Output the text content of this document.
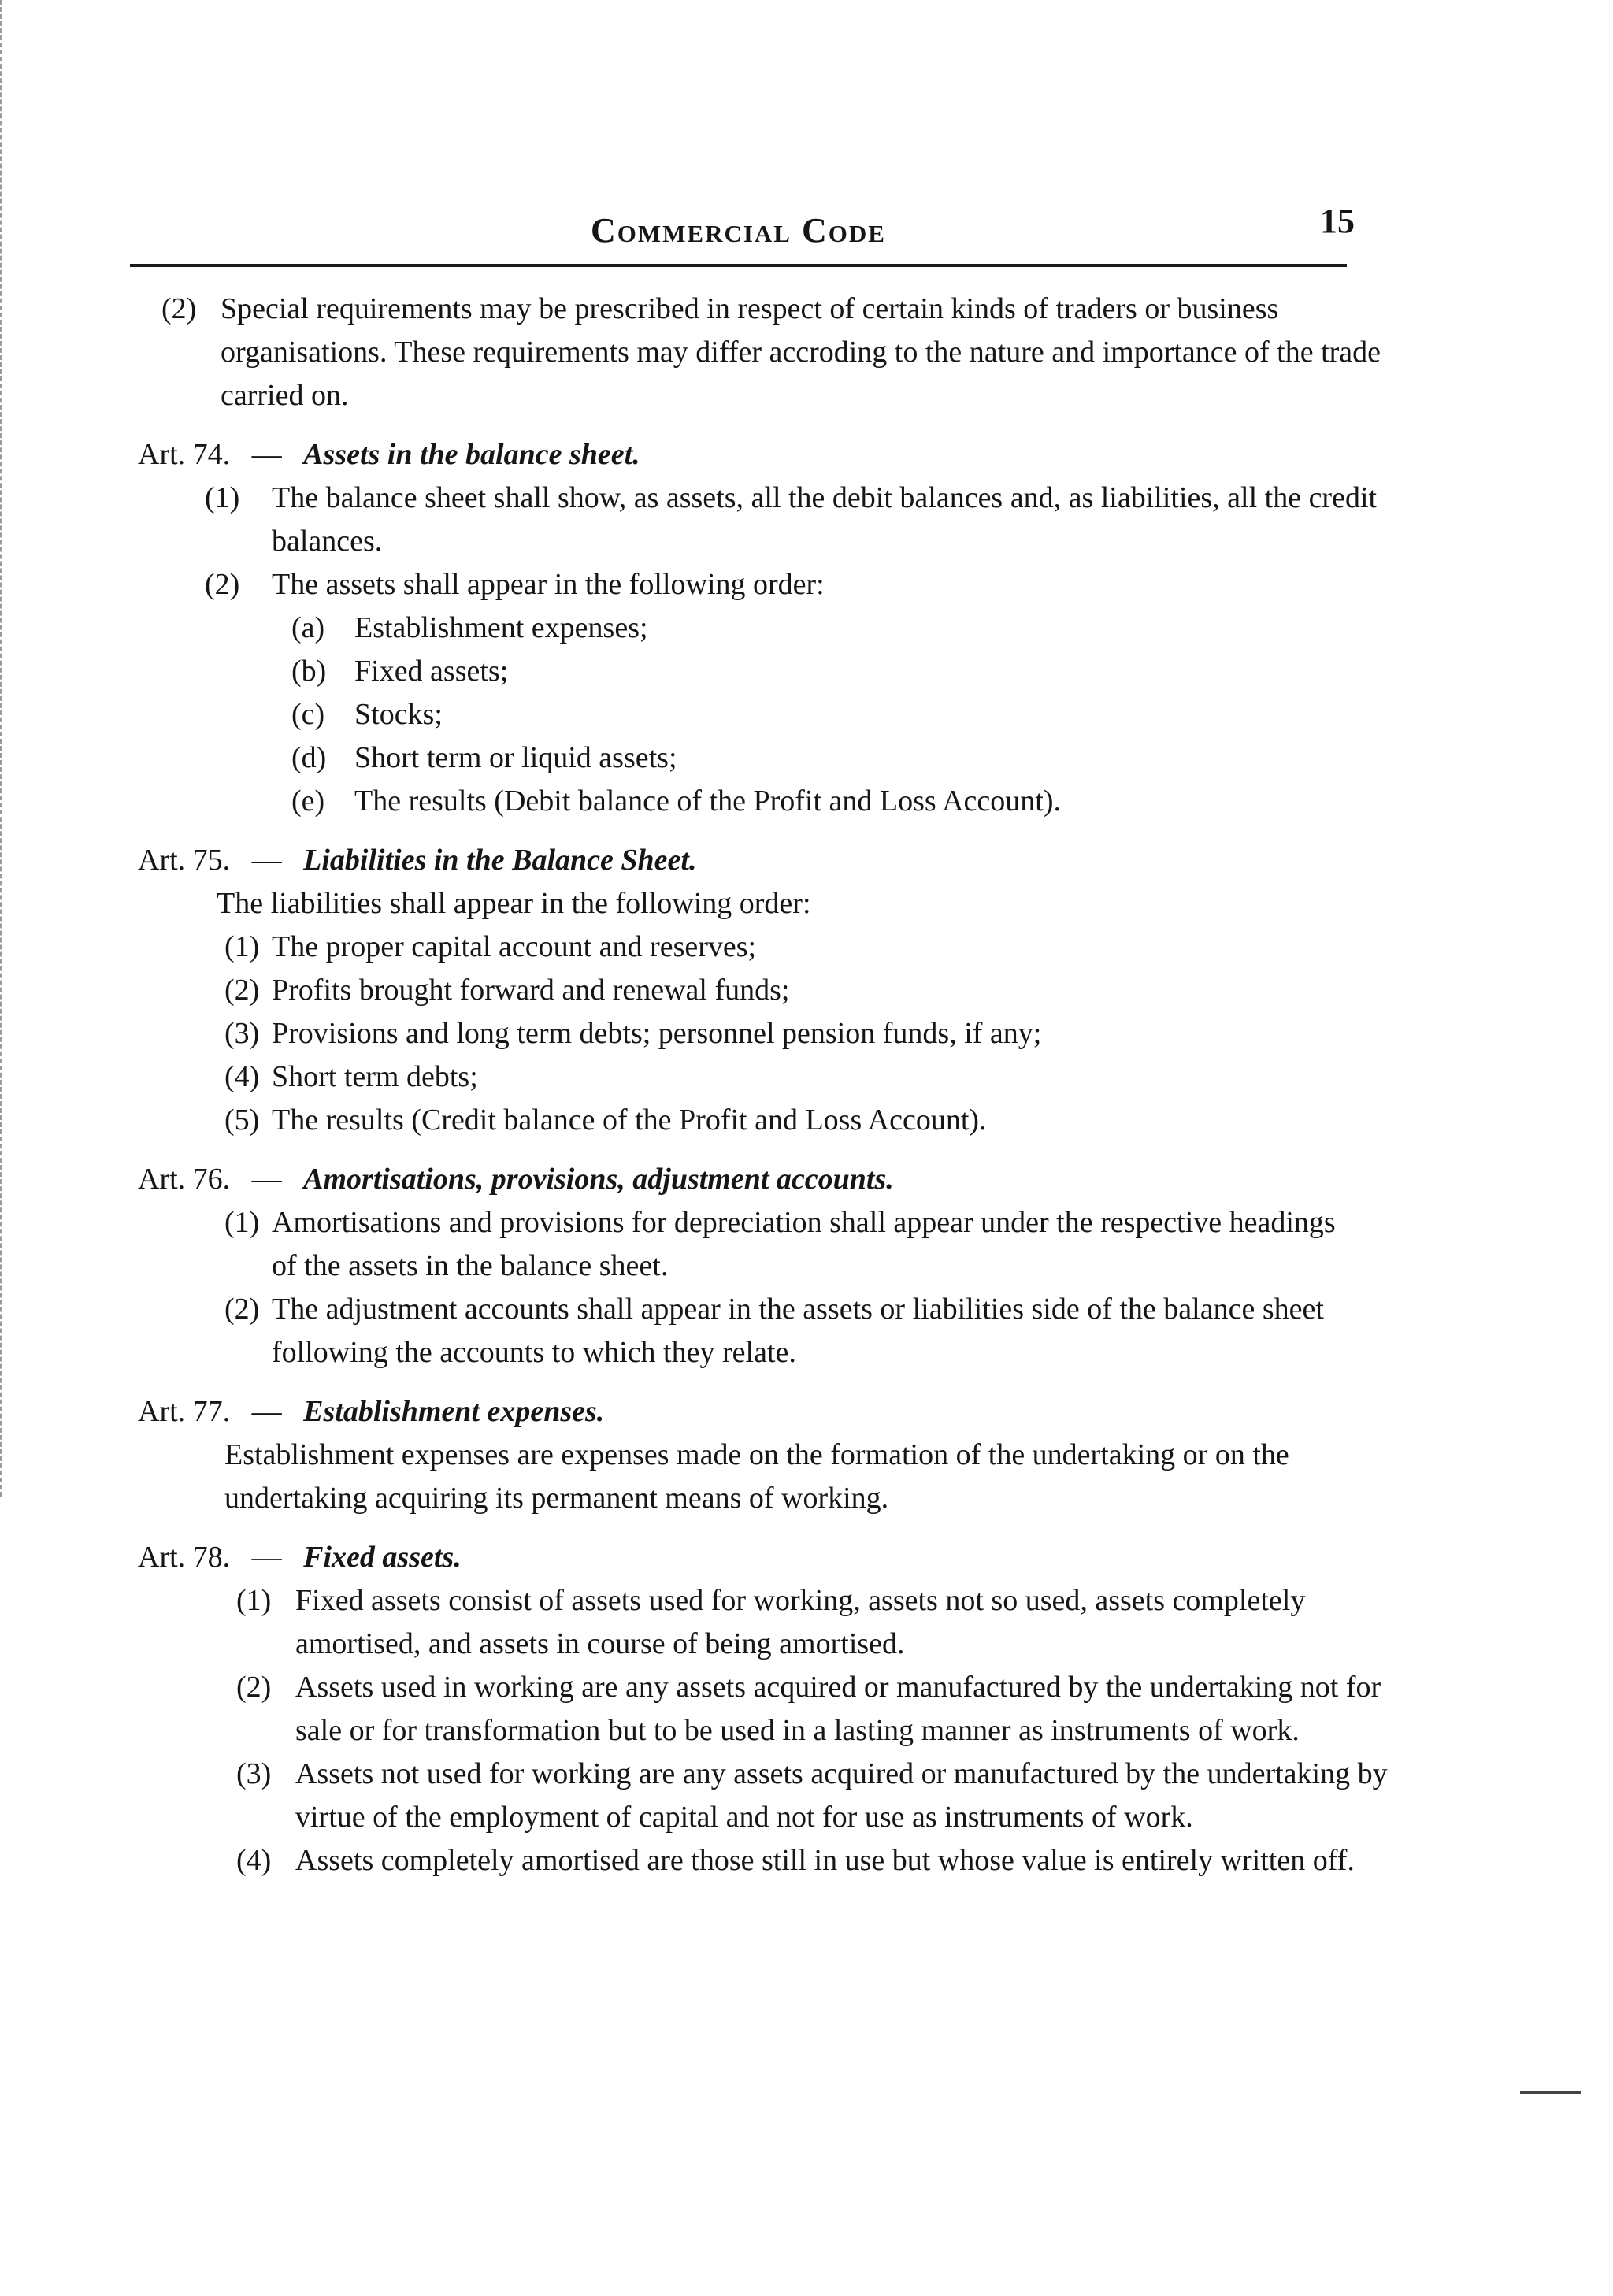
Commercial Code	15
(2) Special requirements may be prescribed in respect of certain kinds of traders or business organisations. These requirements may differ accroding to the nature and importance of the trade carried on.
Art. 74. — Assets in the balance sheet.
(1) The balance sheet shall show, as assets, all the debit balances and, as liabilities, all the credit balances.
(2) The assets shall appear in the following order:
(a) Establishment expenses;
(b) Fixed assets;
(c) Stocks;
(d) Short term or liquid assets;
(e) The results (Debit balance of the Profit and Loss Account).
Art. 75. — Liabilities in the Balance Sheet.
The liabilities shall appear in the following order:
(1) The proper capital account and reserves;
(2) Profits brought forward and renewal funds;
(3) Provisions and long term debts; personnel pension funds, if any;
(4) Short term debts;
(5) The results (Credit balance of the Profit and Loss Account).
Art. 76. — Amortisations, provisions, adjustment accounts.
(1) Amortisations and provisions for depreciation shall appear under the respective headings of the assets in the balance sheet.
(2) The adjustment accounts shall appear in the assets or liabilities side of the balance sheet following the accounts to which they relate.
Art. 77. — Establishment expenses.
Establishment expenses are expenses made on the formation of the undertaking or on the undertaking acquiring its permanent means of working.
Art. 78. — Fixed assets.
(1) Fixed assets consist of assets used for working, assets not so used, assets completely amortised, and assets in course of being amortised.
(2) Assets used in working are any assets acquired or manufactured by the undertaking not for sale or for transformation but to be used in a lasting manner as instruments of work.
(3) Assets not used for working are any assets acquired or manufactured by the undertaking by virtue of the employment of capital and not for use as instruments of work.
(4) Assets completely amortised are those still in use but whose value is entirely written off.
